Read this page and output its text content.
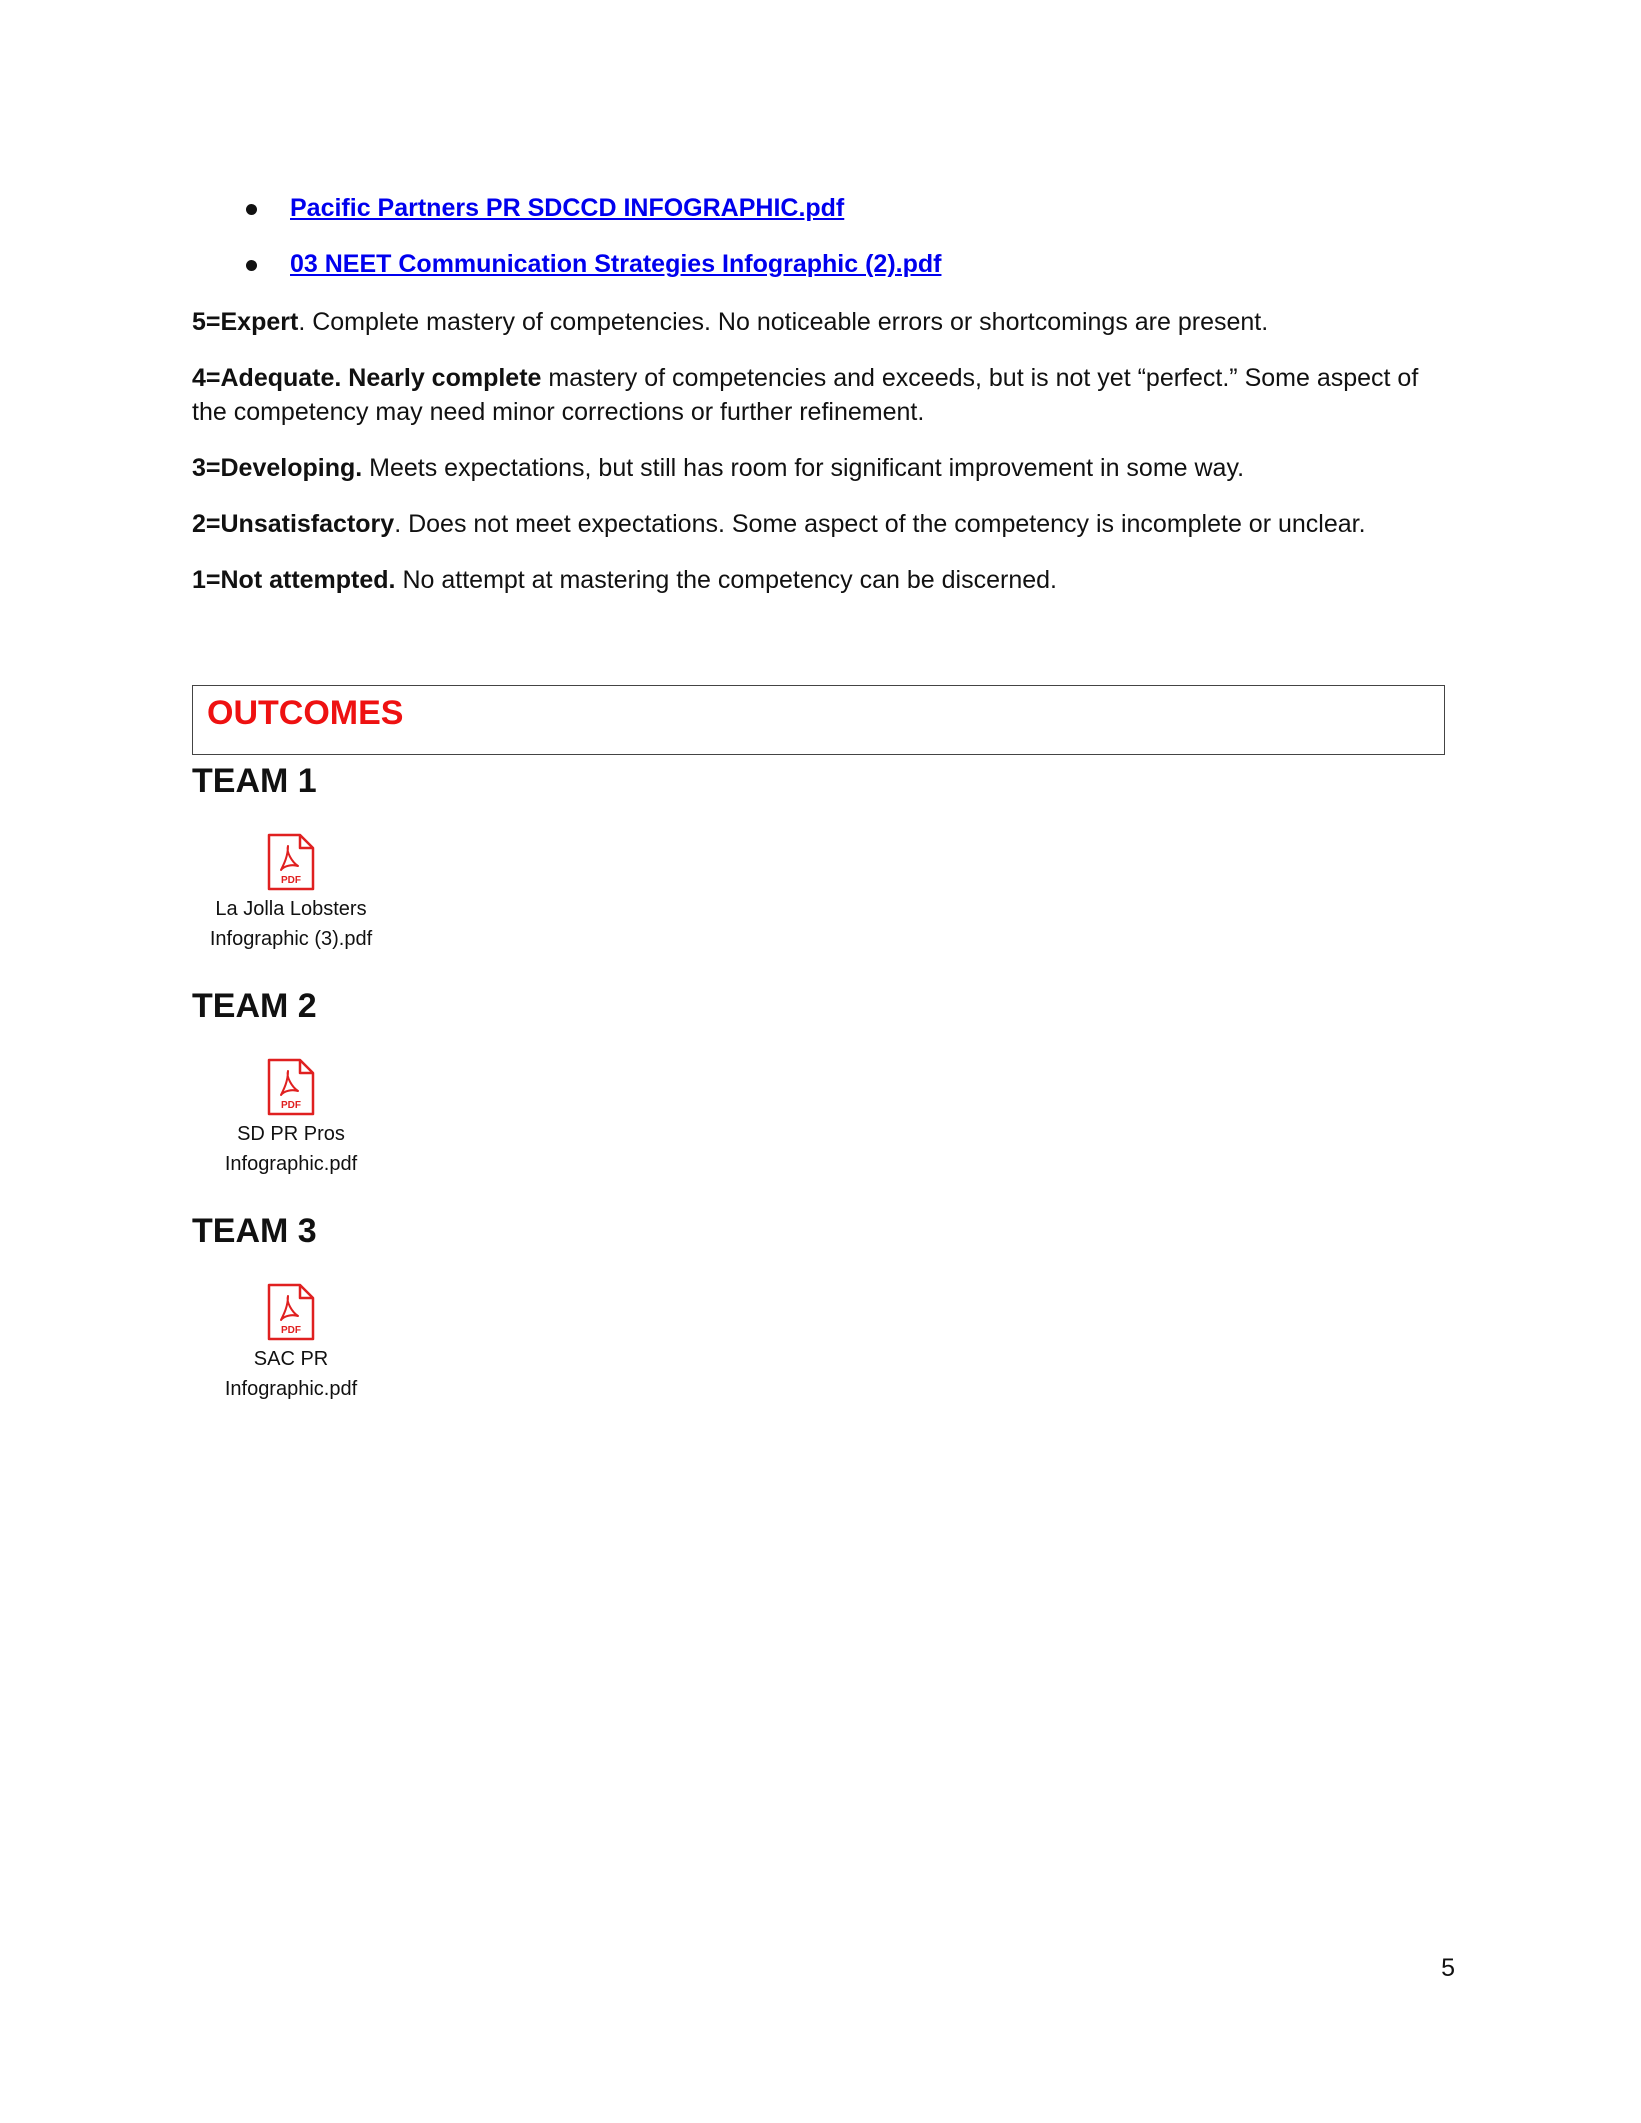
Pacific Partners PR SDCCD INFOGRAPHIC.pdf
03 NEET Communication Strategies Infographic (2).pdf
5=Expert. Complete mastery of competencies. No noticeable errors or shortcomings are present.
4=Adequate. Nearly complete mastery of competencies and exceeds, but is not yet “perfect.” Some aspect of the competency may need minor corrections or further refinement.
3=Developing. Meets expectations, but still has room for significant improvement in some way.
2=Unsatisfactory. Does not meet expectations. Some aspect of the competency is incomplete or unclear.
1=Not attempted. No attempt at mastering the competency can be discerned.
OUTCOMES
TEAM 1
PDF
La Jolla Lobsters
Infographic (3).pdf
TEAM 2
PDF
SD PR Pros
Infographic.pdf
TEAM 3
PDF
SAC PR
Infographic.pdf
5
